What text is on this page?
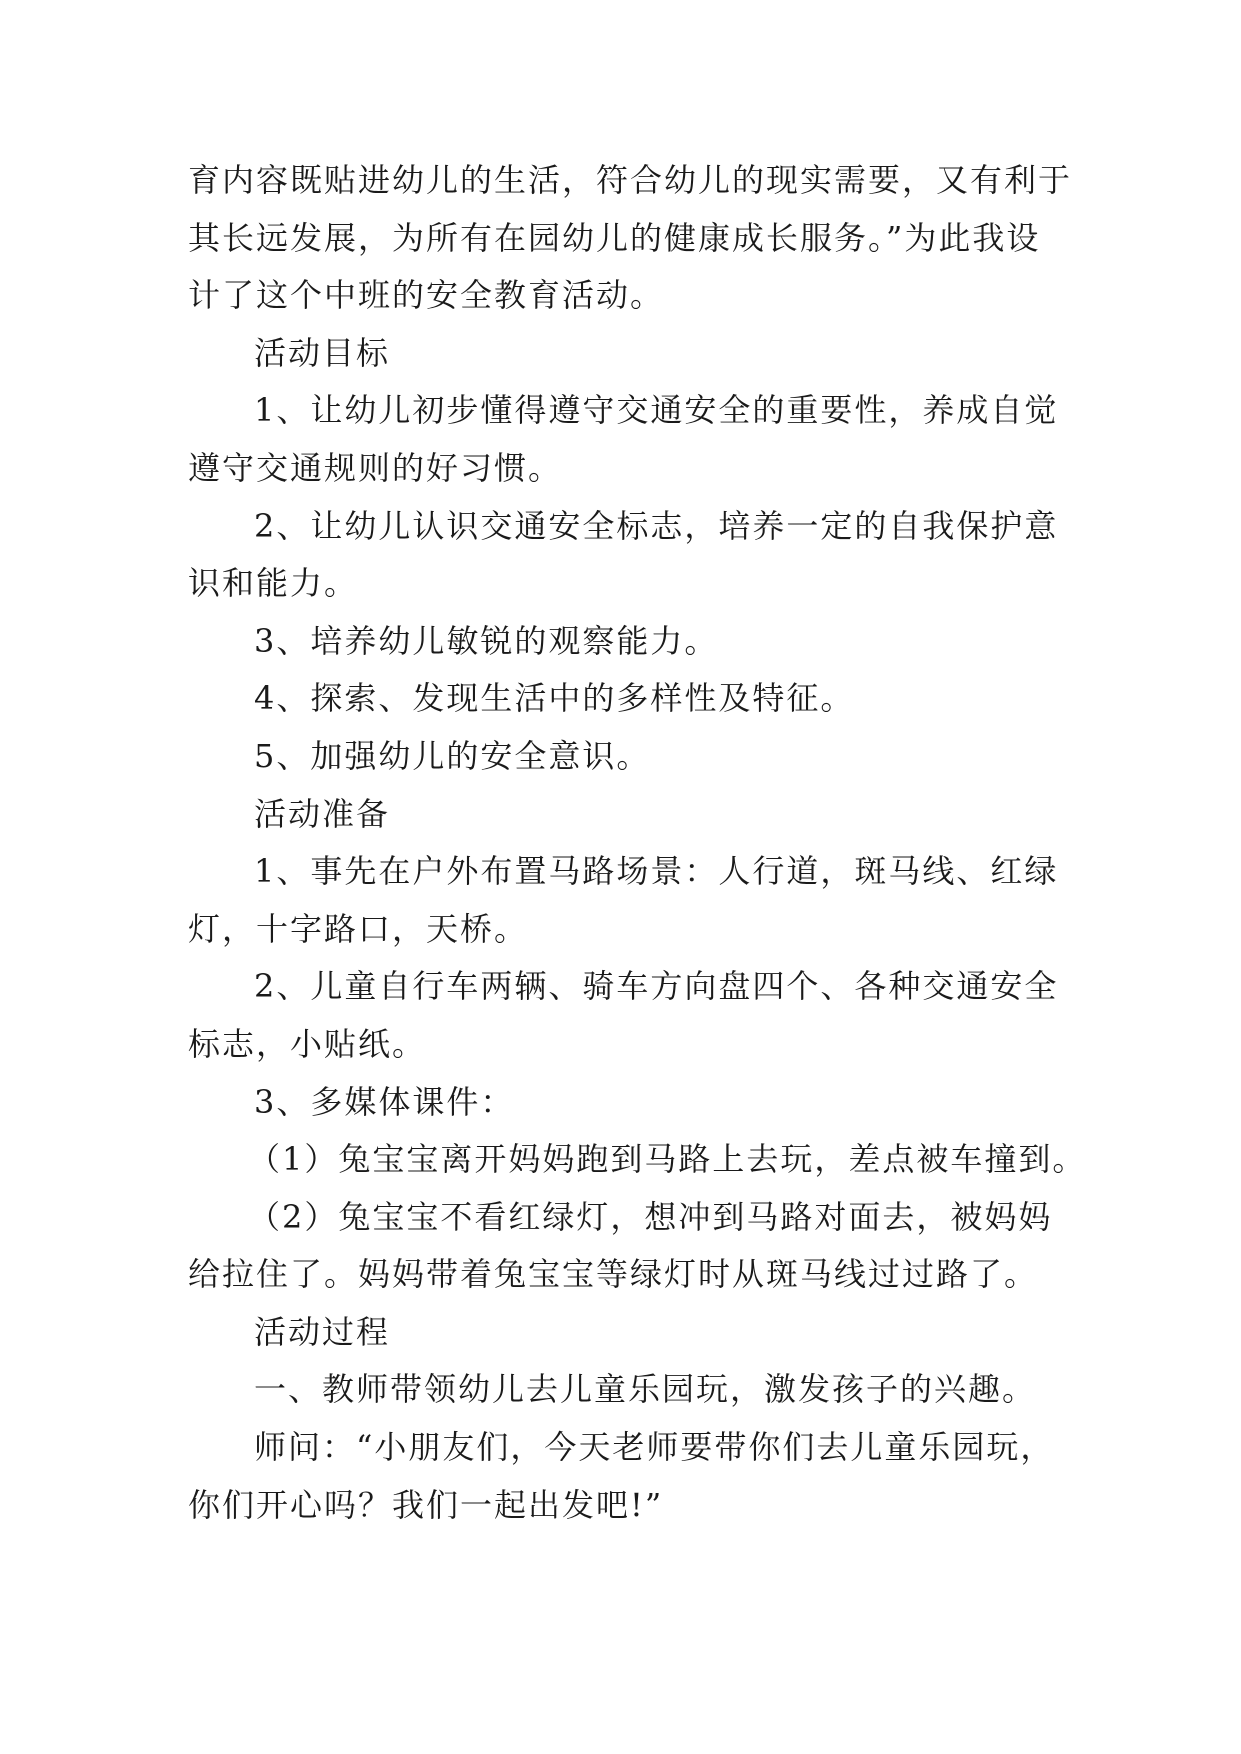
育内容既贴进幼儿的生活，符合幼儿的现实需要，又有利于

其长远发展，为所有在园幼儿的健康成长服务。”为此我设

计了这个中班的安全教育活动。

活动目标

1、让幼儿初步懂得遵守交通安全的重要性，养成自觉

遵守交通规则的好习惯。

2、让幼儿认识交通安全标志，培养一定的自我保护意

识和能力。

3、培养幼儿敏锐的观察能力。

4、探索、发现生活中的多样性及特征。

5、加强幼儿的安全意识。

活动准备

1、事先在户外布置马路场景：人行道，斑马线、红绿

灯，十字路口，天桥。

2、儿童自行车两辆、骑车方向盘四个、各种交通安全

标志，小贴纸。

3、多媒体课件：

（1）兔宝宝离开妈妈跑到马路上去玩，差点被车撞到。

（2）兔宝宝不看红绿灯，想冲到马路对面去，被妈妈

给拉住了。妈妈带着兔宝宝等绿灯时从斑马线过过路了。

活动过程

一、教师带领幼儿去儿童乐园玩，激发孩子的兴趣。

师问：“小朋友们，今天老师要带你们去儿童乐园玩，

你们开心吗？我们一起出发吧!”
